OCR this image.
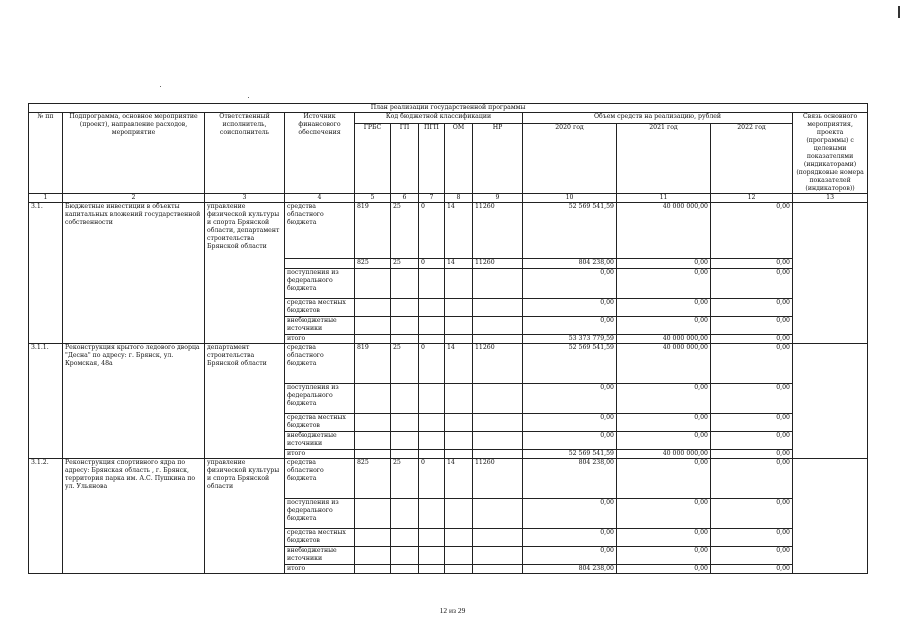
План реализации государственной программы												
№ пп	Подпрограмма, основное мероприятие (проект), направление расходов, мероприятие	Ответственный исполнитель, соисполнитель	Источник финансового обеспечения	Код бюджетной классификации					Объем средств на реализацию, рублей			Связь основного мероприятия, проекта (программы) с целевыми показателями (индикаторами) (порядковые номера показателей (индикаторов))
				ГРБС	ГП	ПГП	ОМ	НР	2020 год	2021 год	2022 год	
1	2	3	4	5	6	7	8	9	10	11	12	13
3.1.	Бюджетные инвестиции в объекты капитальных вложений государственной собственности	управление физической культуры и спорта Брянской области, департамент строительства Брянской области	средства областного бюджета	819	25	0	14	11260	52 569 541,59	40 000 000,00	0,00	
				825	25	0	14	11260	804 238,00	0,00	0,00	
			поступления из федерального бюджета						0,00	0,00	0,00	
			средства местных бюджетов						0,00	0,00	0,00	
			внебюджетные источники						0,00	0,00	0,00	
			итого						53 373 779,59	40 000 000,00	0,00	
3.1.1.	Реконструкция крытого ледового дворца "Десна" по адресу: г. Брянск, ул. Кромская, 48а	департамент строительства Брянской области	средства областного бюджета	819	25	0	14	11260	52 569 541,59	40 000 000,00	0,00	
			поступления из федерального бюджета						0,00	0,00	0,00	
			средства местных бюджетов						0,00	0,00	0,00	
			внебюджетные источники						0,00	0,00	0,00	
			итого						52 569 541,59	40 000 000,00	0,00	
3.1.2.	Реконструкция спортивного ядра по адресу: Брянская область , г. Брянск, территория парка им. А.С. Пушкина по ул. Ульянова	управление физической культуры и спорта Брянской области	средства областного бюджета	825	25	0	14	11260	804 238,00	0,00	0,00	
			поступления из федерального бюджета						0,00	0,00	0,00	
			средства местных бюджетов						0,00	0,00	0,00	
			внебюджетные источники						0,00	0,00	0,00	
			итого						804 238,00	0,00	0,00	
12 из 29
